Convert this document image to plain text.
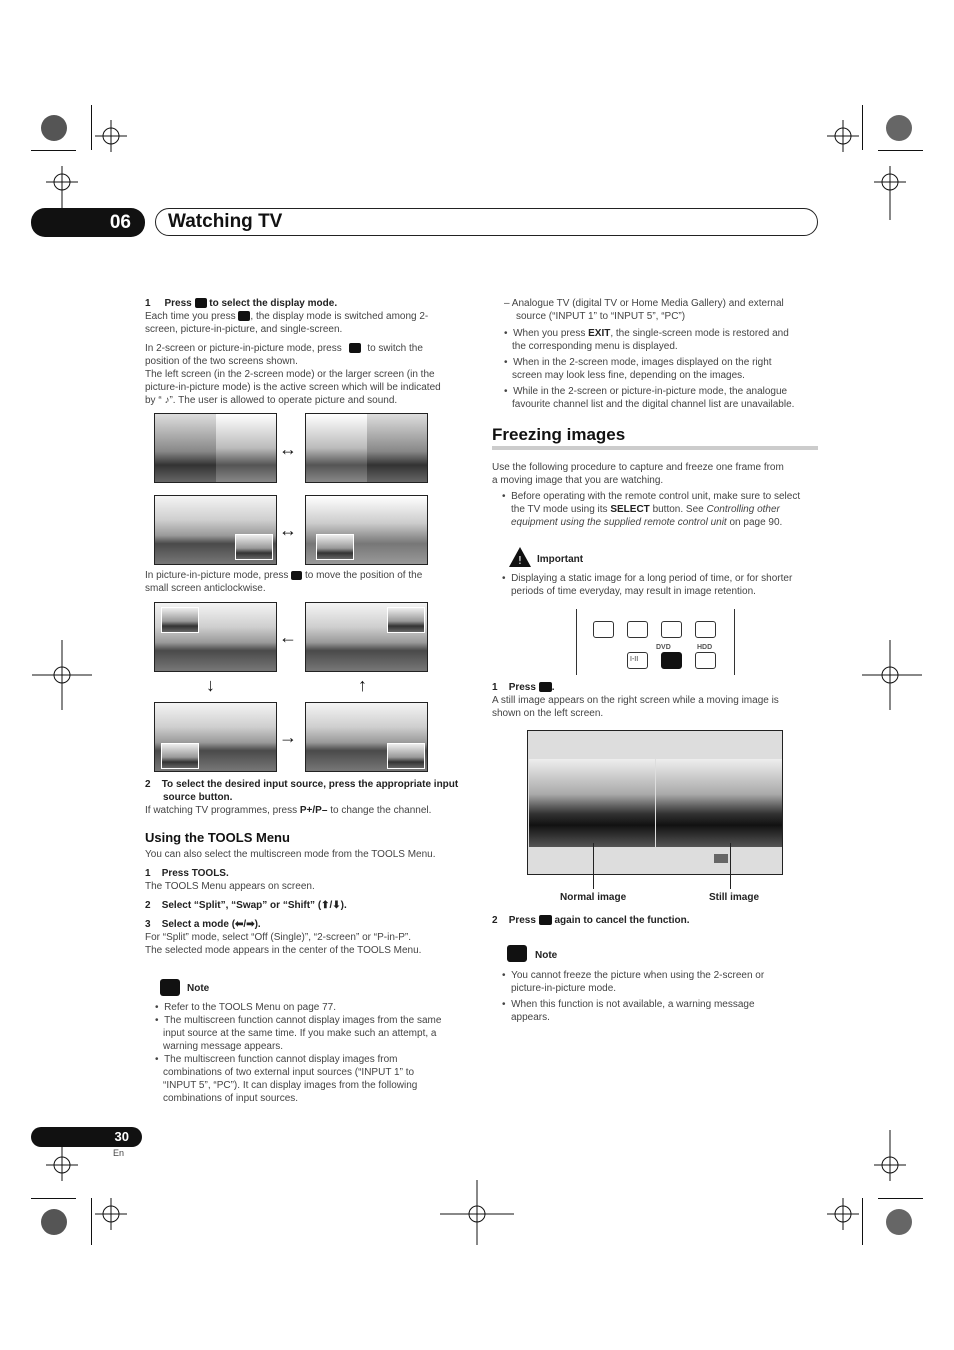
06	Watching TV
1 Press to select the display mode.
Each time you press , the display mode is switched among 2-
screen, picture-in-picture, and single-screen.
In 2-screen or picture-in-picture mode, press	to switch the
position of the two screens shown.
The left screen (in the 2-screen mode) or the larger screen (in the
picture-in-picture mode) is the active screen which will be indicated
by “ ♪”. The user is allowed to operate picture and sound.
↔
↔
In picture-in-picture mode, press to move the position of the
small screen anticlockwise.
←
↓	↑
→
2 To select the desired input source, press the appropriate input
source button.
If watching TV programmes, press P+/P– to change the channel.
Using the TOOLS Menu
You can also select the multiscreen mode from the TOOLS Menu.
1 Press TOOLS.
The TOOLS Menu appears on screen.
2 Select “Split”, “Swap” or “Shift” (⬆/⬇).
3 Select a mode (⬅/➡).
For “Split” mode, select “Off (Single)”, “2-screen” or “P-in-P”.
The selected mode appears in the center of the TOOLS Menu.
Note
•  Refer to the TOOLS Menu on page 77.
•  The multiscreen function cannot display images from the same
input source at the same time. If you make such an attempt, a
warning message appears.
•  The multiscreen function cannot display images from
combinations of two external input sources (“INPUT 1” to
“INPUT 5”, “PC”). It can display images from the following
combinations of input sources.
– Analogue TV (digital TV or Home Media Gallery) and external
source (“INPUT 1” to “INPUT 5”, “PC”)
•  When you press EXIT, the single-screen mode is restored and
the corresponding menu is displayed.
•  When in the 2-screen mode, images displayed on the right
screen may look less fine, depending on the images.
•  While in the 2-screen or picture-in-picture mode, the analogue
favourite channel list and the digital channel list are unavailable.
Freezing images
Use the following procedure to capture and freeze one frame from
a moving image that you are watching.
•  Before operating with the remote control unit, make sure to select
the TV mode using its SELECT button. See Controlling other
equipment using the supplied remote control unit on page 90.
! Important
•  Displaying a static image for a long period of time, or for shorter
periods of time everyday, may result in image retention.
I-II
DVD	HDD
1 Press .
A still image appears on the right screen while a moving image is
shown on the left screen.
Normal image	Still image
2 Press again to cancel the function.
Note
•  You cannot freeze the picture when using the 2-screen or
picture-in-picture mode.
•  When this function is not available, a warning message
appears.
30
En
